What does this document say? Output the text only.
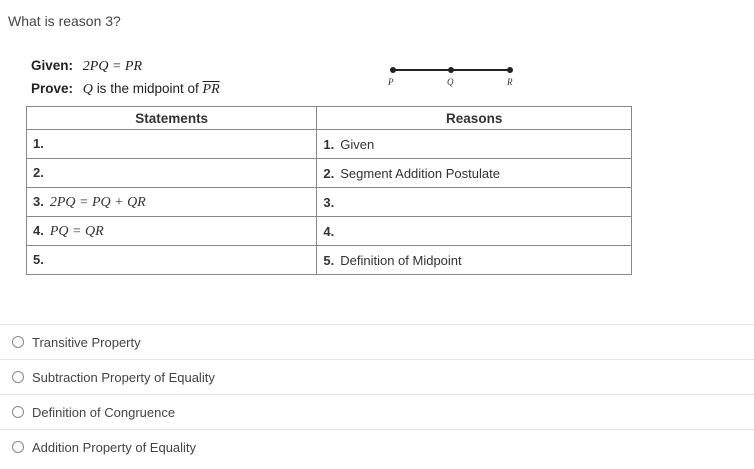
What is reason 3?
Given: 2PQ = PR
Prove: Q is the midpoint of $\overline{PR}$	P	Q	R
Statements	Reasons
1.	1. Given
2.	2. Segment Addition Postulate
3. 2PQ = PQ + QR	3.
4. PQ = QR	4.
5.	5. Definition of Midpoint
Transitive Property
Subtraction Property of Equality
Definition of Congruence
Addition Property of Equality
